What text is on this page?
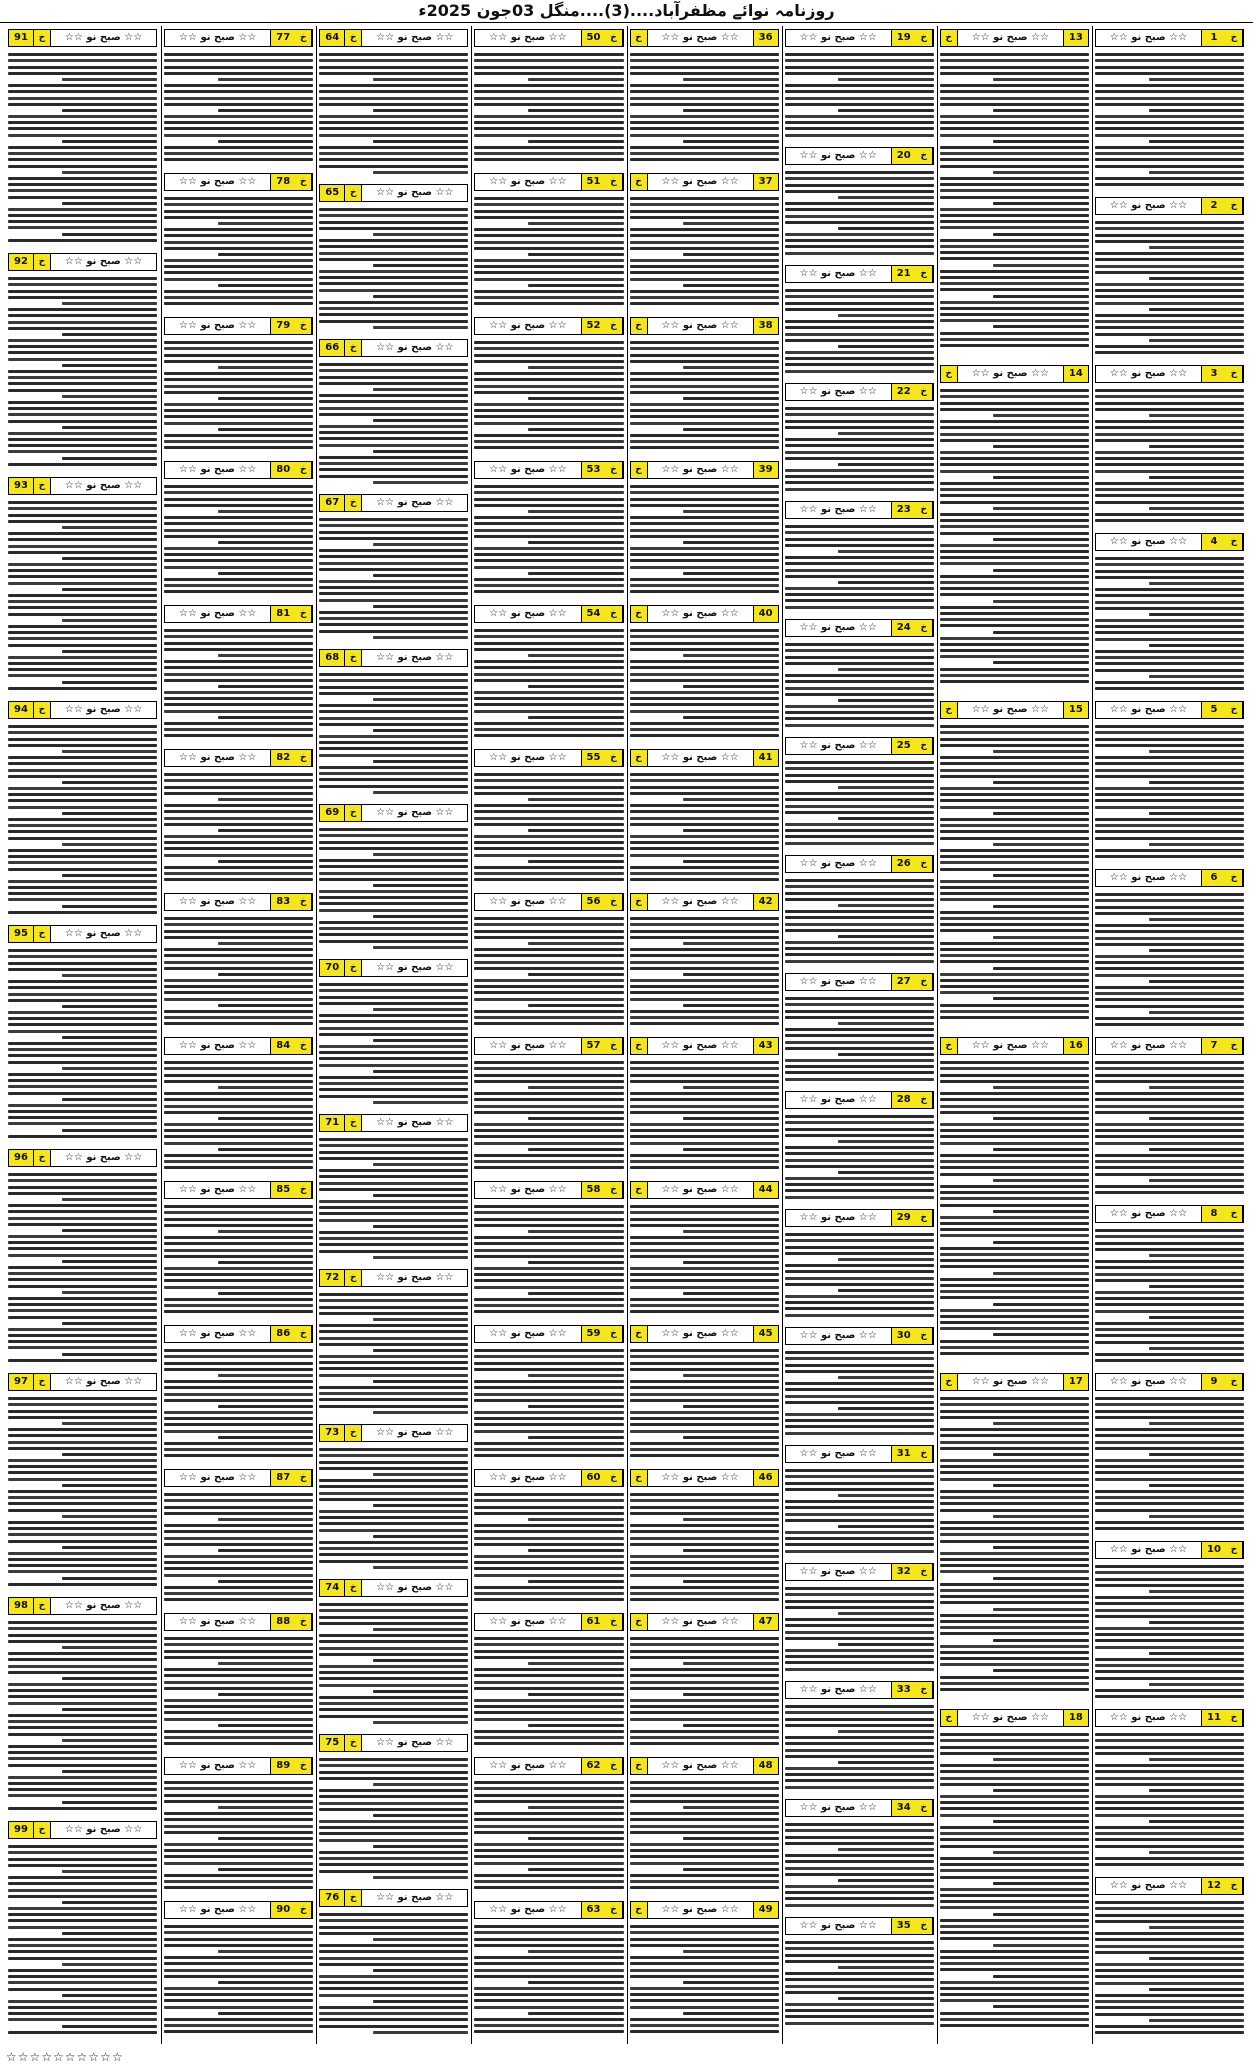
روزنامہ نوائے مظفرآباد....(3)....منگل 03جون 2025ء
91	☆☆ صبح نو ☆☆
خ
92	☆☆ صبح نو ☆☆
خ
93	☆☆ صبح نو ☆☆
خ
94	☆☆ صبح نو ☆☆
خ
95	☆☆ صبح نو ☆☆
خ
96	☆☆ صبح نو ☆☆
خ
97	☆☆ صبح نو ☆☆
خ
98	☆☆ صبح نو ☆☆
خ
99	☆☆ صبح نو ☆☆
خ
77
☆☆ صبح نو ☆☆	خ
78
☆☆ صبح نو ☆☆	خ
79
☆☆ صبح نو ☆☆	خ
80
☆☆ صبح نو ☆☆	خ
81
☆☆ صبح نو ☆☆	خ
82
☆☆ صبح نو ☆☆	خ
83
☆☆ صبح نو ☆☆	خ
84
☆☆ صبح نو ☆☆	خ
85
☆☆ صبح نو ☆☆	خ
86
☆☆ صبح نو ☆☆	خ
87
☆☆ صبح نو ☆☆	خ
88
☆☆ صبح نو ☆☆	خ
89
☆☆ صبح نو ☆☆	خ
90
☆☆ صبح نو ☆☆	خ
64	☆☆ صبح نو ☆☆
خ
65	☆☆ صبح نو ☆☆
خ
66	☆☆ صبح نو ☆☆
خ
67	☆☆ صبح نو ☆☆
خ
68	☆☆ صبح نو ☆☆
خ
69	☆☆ صبح نو ☆☆
خ
70	☆☆ صبح نو ☆☆
خ
71	☆☆ صبح نو ☆☆
خ
72	☆☆ صبح نو ☆☆
خ
73	☆☆ صبح نو ☆☆
خ
74	☆☆ صبح نو ☆☆
خ
75	☆☆ صبح نو ☆☆
خ
76	☆☆ صبح نو ☆☆
خ
50
☆☆ صبح نو ☆☆	خ
51
☆☆ صبح نو ☆☆	خ
52
☆☆ صبح نو ☆☆	خ
53
☆☆ صبح نو ☆☆	خ
54
☆☆ صبح نو ☆☆	خ
55
☆☆ صبح نو ☆☆	خ
56
☆☆ صبح نو ☆☆	خ
57
☆☆ صبح نو ☆☆	خ
58
☆☆ صبح نو ☆☆	خ
59
☆☆ صبح نو ☆☆	خ
60
☆☆ صبح نو ☆☆	خ
61
☆☆ صبح نو ☆☆	خ
62
☆☆ صبح نو ☆☆	خ
63
☆☆ صبح نو ☆☆	خ
36
☆☆ صبح نو ☆☆
خ
37
☆☆ صبح نو ☆☆
خ
38
☆☆ صبح نو ☆☆
خ
39
☆☆ صبح نو ☆☆
خ
40
☆☆ صبح نو ☆☆
خ
41
☆☆ صبح نو ☆☆
خ
42
☆☆ صبح نو ☆☆
خ
43
☆☆ صبح نو ☆☆
خ
44
☆☆ صبح نو ☆☆
خ
45
☆☆ صبح نو ☆☆
خ
46
☆☆ صبح نو ☆☆
خ
47
☆☆ صبح نو ☆☆
خ
48
☆☆ صبح نو ☆☆
خ
49
☆☆ صبح نو ☆☆
خ
19
☆☆ صبح نو ☆☆	خ
20
☆☆ صبح نو ☆☆	خ
21
☆☆ صبح نو ☆☆	خ
22
☆☆ صبح نو ☆☆	خ
23
☆☆ صبح نو ☆☆	خ
24
☆☆ صبح نو ☆☆	خ
25
☆☆ صبح نو ☆☆	خ
26
☆☆ صبح نو ☆☆	خ
27
☆☆ صبح نو ☆☆	خ
28
☆☆ صبح نو ☆☆	خ
29
☆☆ صبح نو ☆☆	خ
30
☆☆ صبح نو ☆☆	خ
31
☆☆ صبح نو ☆☆	خ
32
☆☆ صبح نو ☆☆	خ
33
☆☆ صبح نو ☆☆	خ
34
☆☆ صبح نو ☆☆	خ
35
☆☆ صبح نو ☆☆	خ
13
☆☆ صبح نو ☆☆
خ
14
☆☆ صبح نو ☆☆
خ
15
☆☆ صبح نو ☆☆
خ
16
☆☆ صبح نو ☆☆
خ
17
☆☆ صبح نو ☆☆
خ
18
☆☆ صبح نو ☆☆
خ
1
☆☆ صبح نو ☆☆	خ
2
☆☆ صبح نو ☆☆	خ
3
☆☆ صبح نو ☆☆	خ
4
☆☆ صبح نو ☆☆	خ
5
☆☆ صبح نو ☆☆	خ
6
☆☆ صبح نو ☆☆	خ
7
☆☆ صبح نو ☆☆	خ
8
☆☆ صبح نو ☆☆	خ
9
☆☆ صبح نو ☆☆	خ
10
☆☆ صبح نو ☆☆	خ
11
☆☆ صبح نو ☆☆	خ
12
☆☆ صبح نو ☆☆	خ
☆☆☆☆☆☆☆☆☆☆
